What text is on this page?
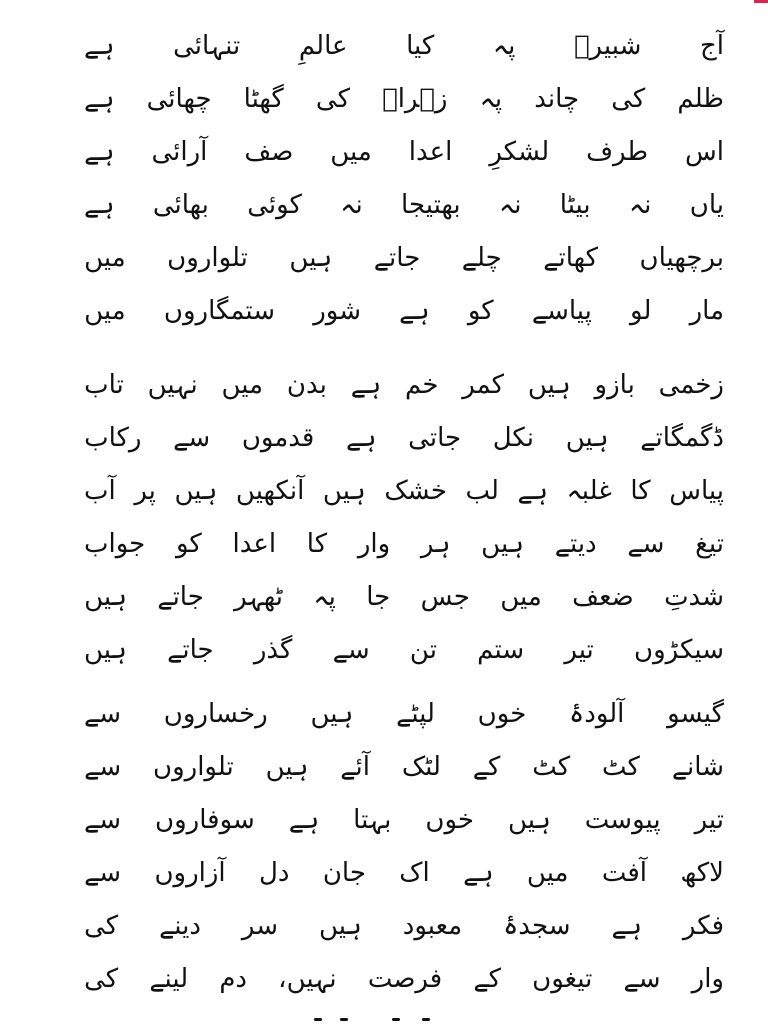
آج
شبیرؑ
پہ
کیا
عالمِ
تنہائی
ہے
ظلم
کی
چاند
پہ
زہراؑ
کی
گھٹا
چھائی
ہے
اس
طرف
لشکرِ
اعدا
میں
صف
آرائی
ہے
یاں
نہ
بیٹا
نہ
بھتیجا
نہ
کوئی
بھائی
ہے
برچھیاں
کھاتے
چلے
جاتے
ہیں
تلواروں
میں
مار
لو
پیاسے
کو
ہے
شور
ستمگاروں
میں
زخمی
بازو
ہیں
کمر
خم
ہے
بدن
میں
نہیں
تاب
ڈگمگاتے
ہیں
نکل
جاتی
ہے
قدموں
سے
رکاب
پیاس
کا
غلبہ
ہے
لب
خشک
ہیں
آنکھیں
ہیں
پر
آب
تیغ
سے
دیتے
ہیں
ہر
وار
کا
اعدا
کو
جواب
شدتِ
ضعف
میں
جس
جا
پہ
ٹھہر
جاتے
ہیں
سیکڑوں
تیر
ستم
تن
سے
گذر
جاتے
ہیں
گیسو
آلودۂ
خوں
لپٹے
ہیں
رخساروں
سے
شانے
کٹ
کٹ
کے
لٹک
آئے
ہیں
تلواروں
سے
تیر
پیوست
ہیں
خوں
بہتا
ہے
سوفاروں
سے
لاکھ
آفت
میں
ہے
اک
جان
دل
آزاروں
سے
فکر
ہے
سجدۂ
معبود
ہیں
سر
دینے
کی
وار
سے
تیغوں
کے
فرصت
نہیں،
دم
لینے
کی
